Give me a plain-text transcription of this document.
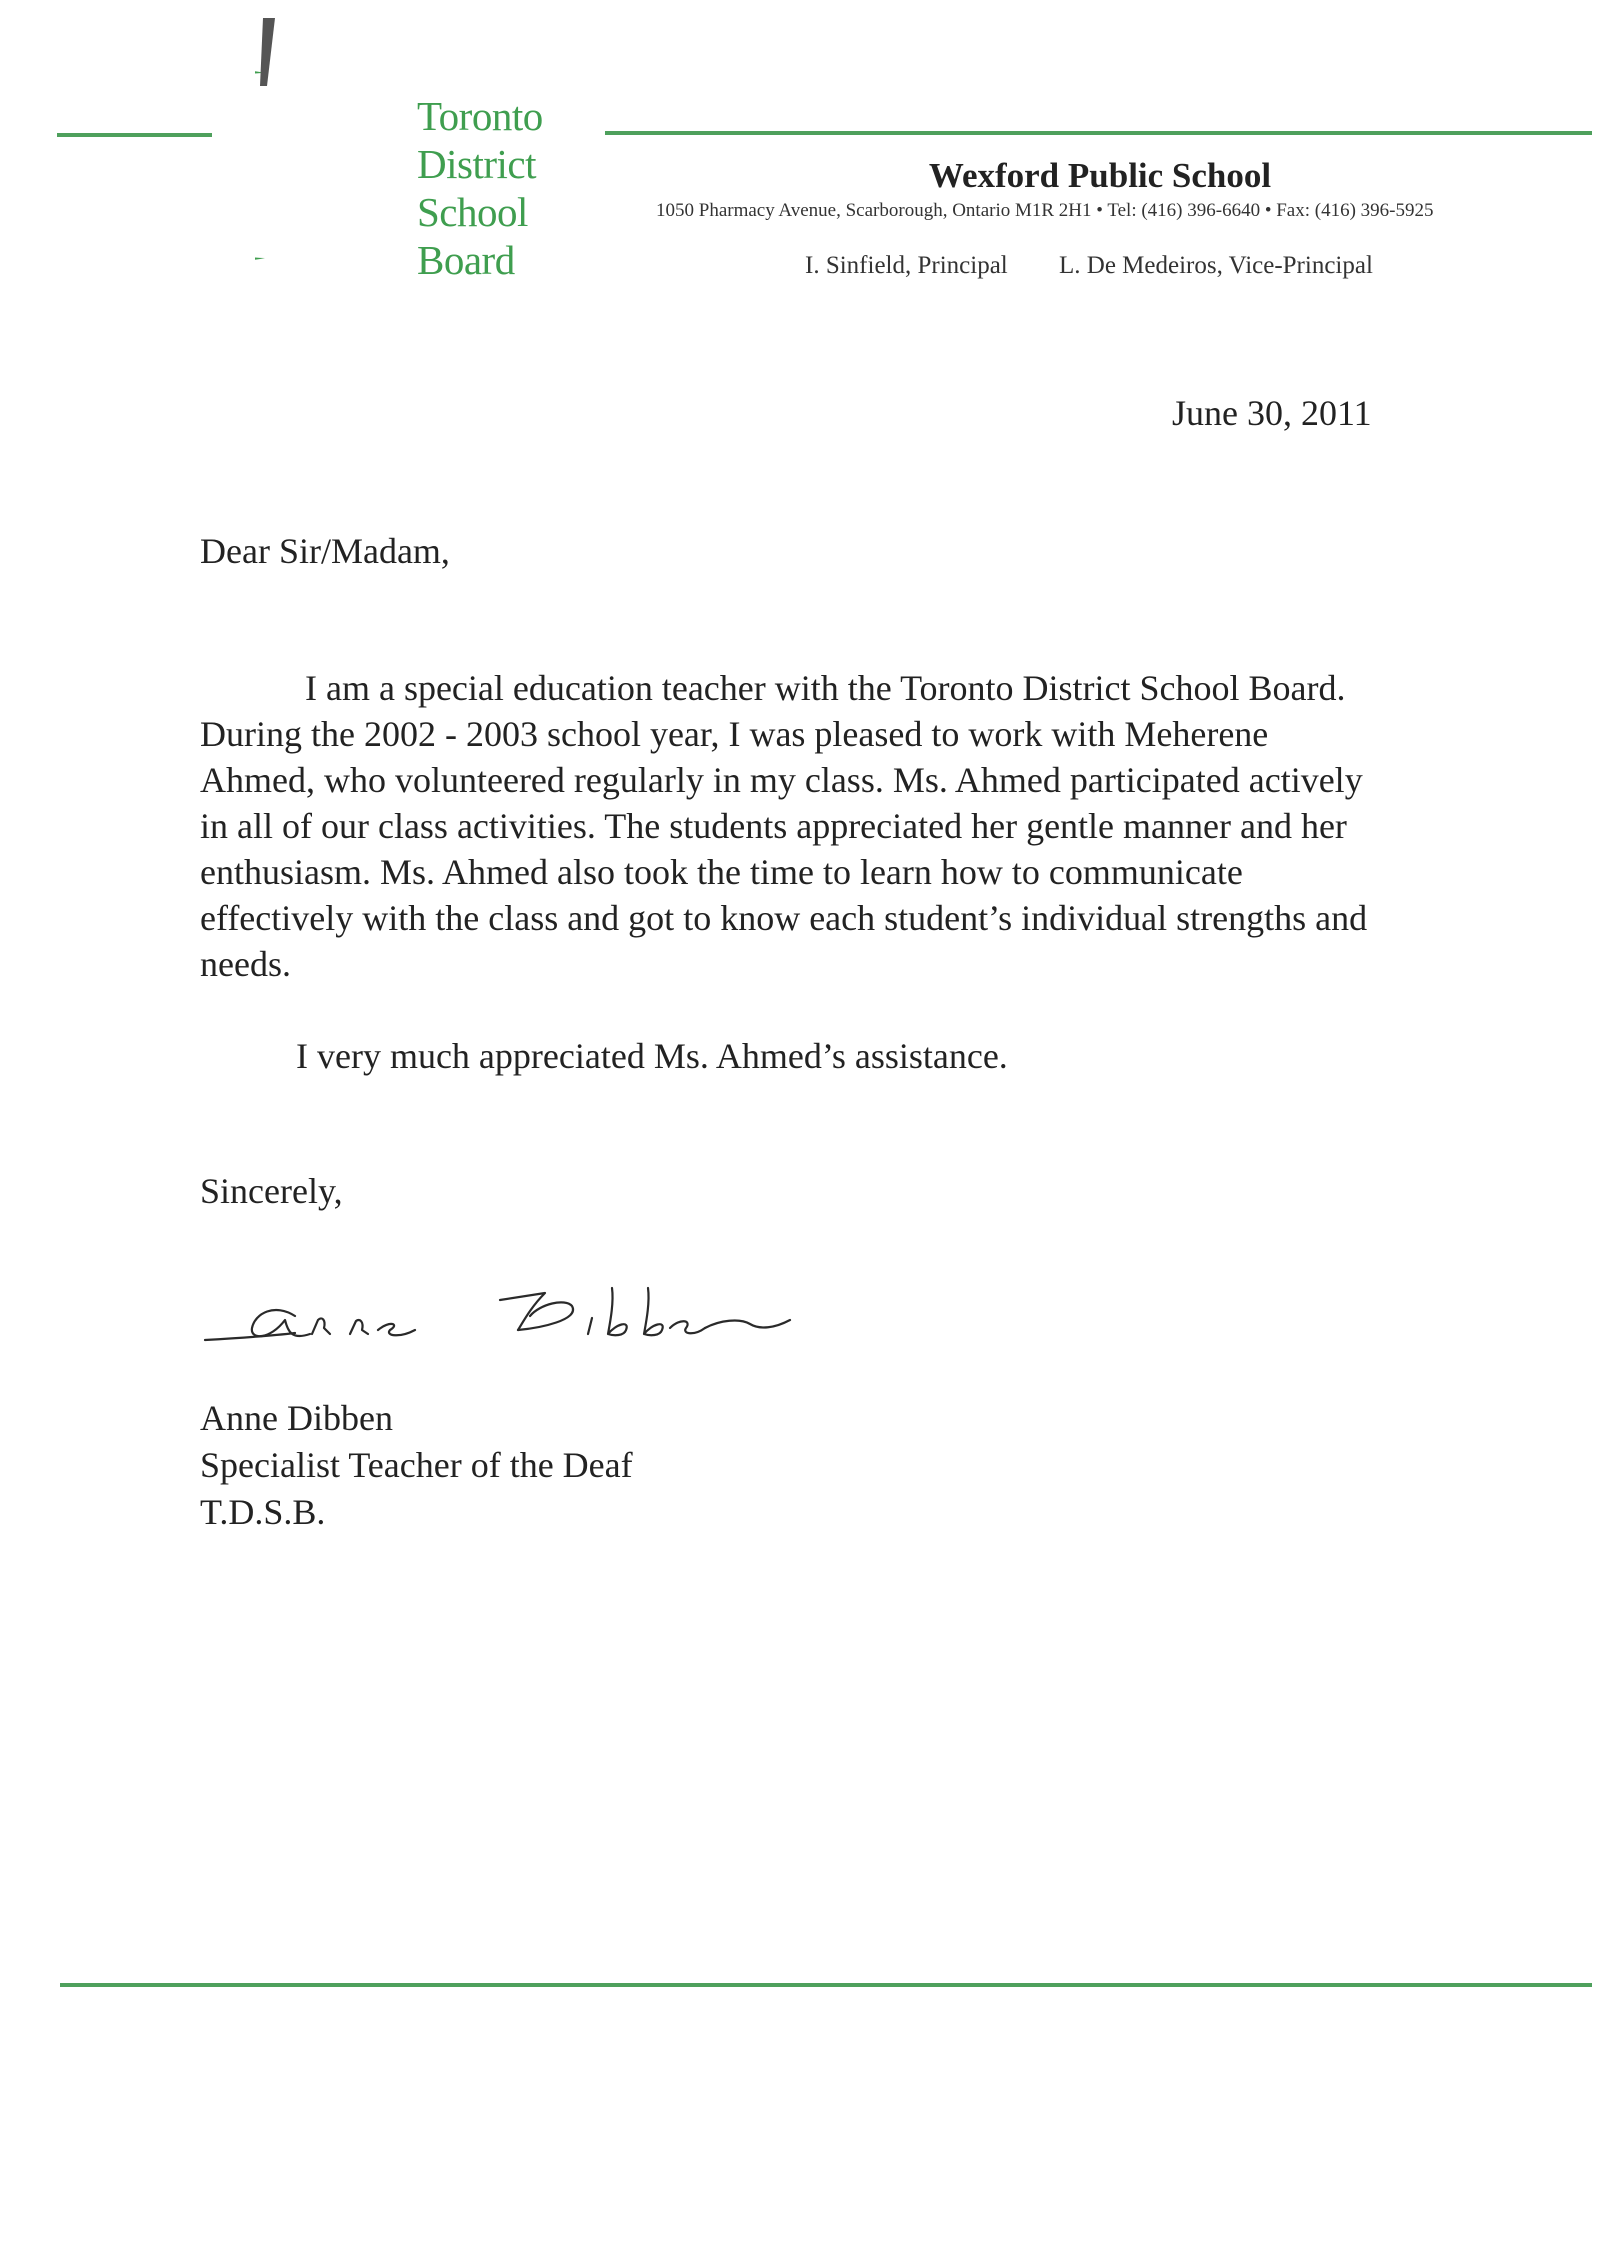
Toronto
District
School
Board
Wexford Public School
1050 Pharmacy Avenue, Scarborough, Ontario M1R 2H1 • Tel: (416) 396-6640 • Fax: (416) 396-5925
I. Sinfield, Principal L. De Medeiros, Vice-Principal
June 30, 2011
Dear Sir/Madam,
I am a special education teacher with the Toronto District School Board.
During the 2002 - 2003 school year, I was pleased to work with Meherene
Ahmed, who volunteered regularly in my class. Ms. Ahmed participated actively
in all of our class activities. The students appreciated her gentle manner and her
enthusiasm. Ms. Ahmed also took the time to learn how to communicate
effectively with the class and got to know each student’s individual strengths and
needs.
I very much appreciated Ms. Ahmed’s assistance.
Sincerely,
Anne Dibben
Specialist Teacher of the Deaf
T.D.S.B.
